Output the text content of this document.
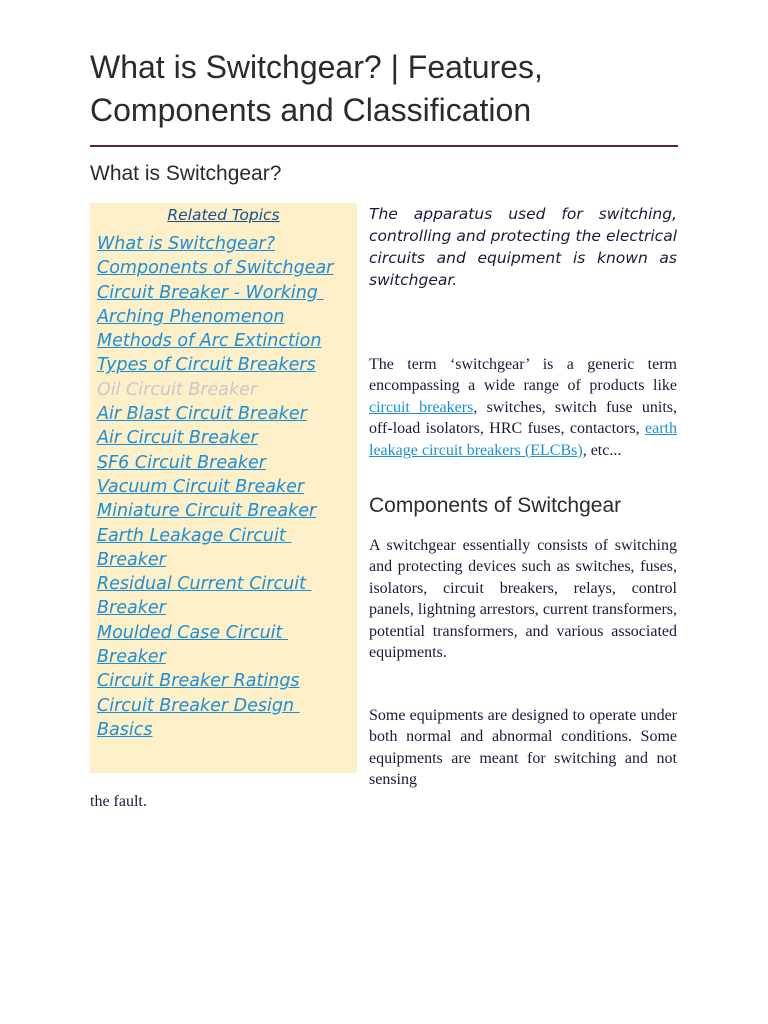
What is Switchgear? | Features, Components and Classification
What is Switchgear?
Related Topics
What is Switchgear?
Components of Switchgear
Circuit Breaker - Working
Arching Phenomenon
Methods of Arc Extinction
Types of Circuit Breakers
Oil Circuit Breaker
Air Blast Circuit Breaker
Air Circuit Breaker
SF6 Circuit Breaker
Vacuum Circuit Breaker
Miniature Circuit Breaker
Earth Leakage Circuit
Breaker
Residual Current Circuit
Breaker
Moulded Case Circuit
Breaker
Circuit Breaker Ratings
Circuit Breaker Design
Basics

The apparatus used for switching, controlling and protecting the electrical circuits and equipment is known as switchgear.

The term ‘switchgear’ is a generic term encompassing a wide range of products like circuit breakers, switches, switch fuse units, off-load isolators, HRC fuses, contactors, earth leakage circuit breakers (ELCBs), etc...

Components of Switchgear

A switchgear essentially consists of switching and protecting devices such as switches, fuses, isolators, circuit breakers, relays, control panels, lightning arrestors, current transformers, potential transformers, and various associated equipments.

Some equipments are designed to operate under both normal and abnormal conditions. Some equipments are meant for switching and not sensing

the fault.
